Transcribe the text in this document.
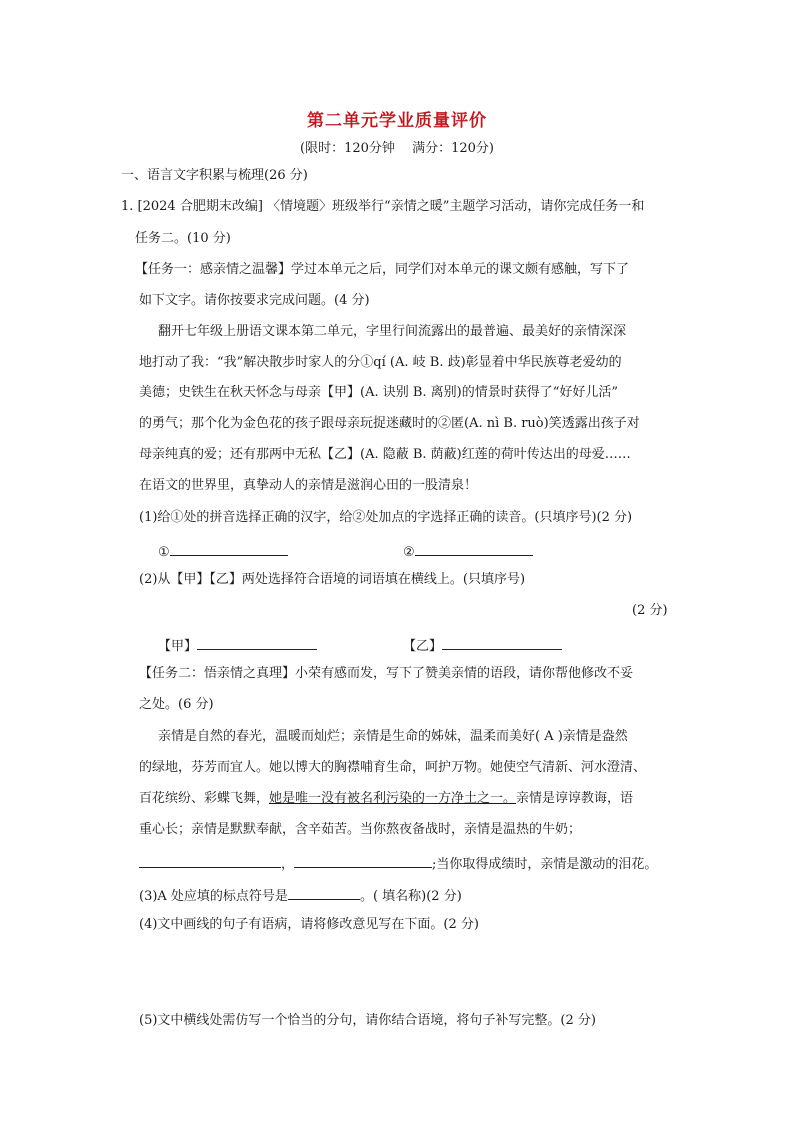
第二单元学业质量评价
(限时：120分钟　 满分：120分)
一、语言文字积累与梳理(26 分)
1. [2024 合肥期末改编] 〈情境题〉班级举行“亲情之暖”主题学习活动，请你完成任务一和
任务二。(10 分)
【任务一：感亲情之温馨】学过本单元之后，同学们对本单元的课文颇有感触，写下了
如下文字。请你按要求完成问题。(4 分)
翻开七年级上册语文课本第二单元，字里行间流露出的最普遍、最美好的亲情深深
地打动了我：“我”解决散步时家人的分①qí (A. 岐 B. 歧)彰显着中华民族尊老爱幼的
美德；史铁生在秋天怀念与母亲【甲】(A. 诀别 B. 离别)的情景时获得了“好好儿活”
的勇气；那个化为金色花的孩子跟母亲玩捉迷藏时的②匿(A. nì B. ruò)笑透露出孩子对
母亲纯真的爱；还有那两中无私【乙】(A. 隐蔽 B. 荫蔽)红莲的荷叶传达出的母爱……
在语文的世界里，真挚动人的亲情是滋润心田的一股清泉！
(1)给①处的拼音选择正确的汉字，给②处加点的字选择正确的读音。(只填序号)(2 分)
①	②
(2)从【甲】【乙】两处选择符合语境的词语填在横线上。(只填序号)
(2 分)
【甲】	【乙】
【任务二：悟亲情之真理】小荣有感而发，写下了赞美亲情的语段，请你帮他修改不妥
之处。(6 分)
亲情是自然的春光，温暖而灿烂；亲情是生命的姊妹，温柔而美好( A )亲情是盎然
的绿地，芬芳而宜人。她以博大的胸襟哺育生命，呵护万物。她使空气清新、河水澄清、
百花缤纷、彩蝶飞舞，她是唯一没有被名利污染的一方净土之一。亲情是谆谆教诲，语
重心长；亲情是默默奉献，含辛茹苦。当你熬夜备战时，亲情是温热的牛奶；
，	;当你取得成绩时，亲情是激动的泪花。
(3)A 处应填的标点符号是	。( 填名称)(2 分)
(4)文中画线的句子有语病，请将修改意见写在下面。(2 分)
(5)文中横线处需仿写一个恰当的分句，请你结合语境，将句子补写完整。(2 分)
